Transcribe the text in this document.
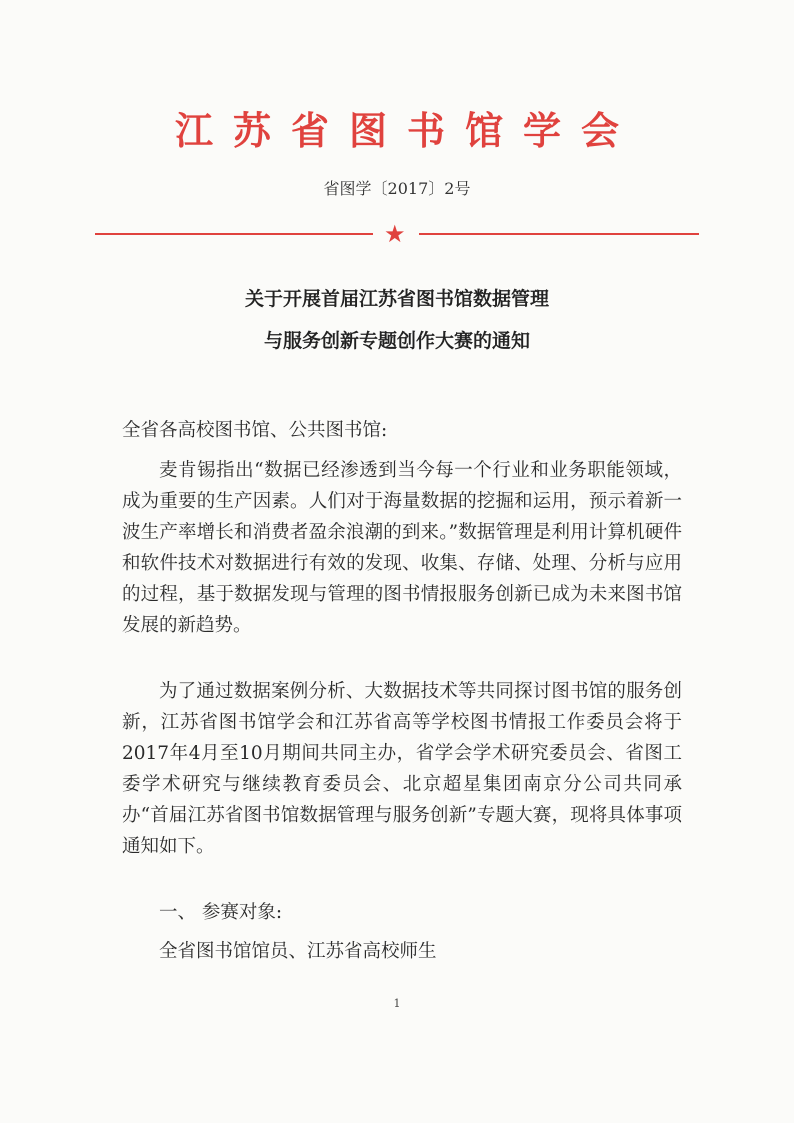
江苏省图书馆学会
省图学〔2017〕2号
★
关于开展首届江苏省图书馆数据管理
与服务创新专题创作大赛的通知
全省各高校图书馆、公共图书馆:
麦肯锡指出“数据已经渗透到当今每一个行业和业务职能领域，成为重要的生产因素。人们对于海量数据的挖掘和运用，预示着新一波生产率增长和消费者盈余浪潮的到来。”数据管理是利用计算机硬件和软件技术对数据进行有效的发现、收集、存储、处理、分析与应用的过程，基于数据发现与管理的图书情报服务创新已成为未来图书馆发展的新趋势。
为了通过数据案例分析、大数据技术等共同探讨图书馆的服务创新，江苏省图书馆学会和江苏省高等学校图书情报工作委员会将于2017年4月至10月期间共同主办，省学会学术研究委员会、省图工委学术研究与继续教育委员会、北京超星集团南京分公司共同承办“首届江苏省图书馆数据管理与服务创新”专题大赛，现将具体事项通知如下。
一、 参赛对象:
全省图书馆馆员、江苏省高校师生
1
